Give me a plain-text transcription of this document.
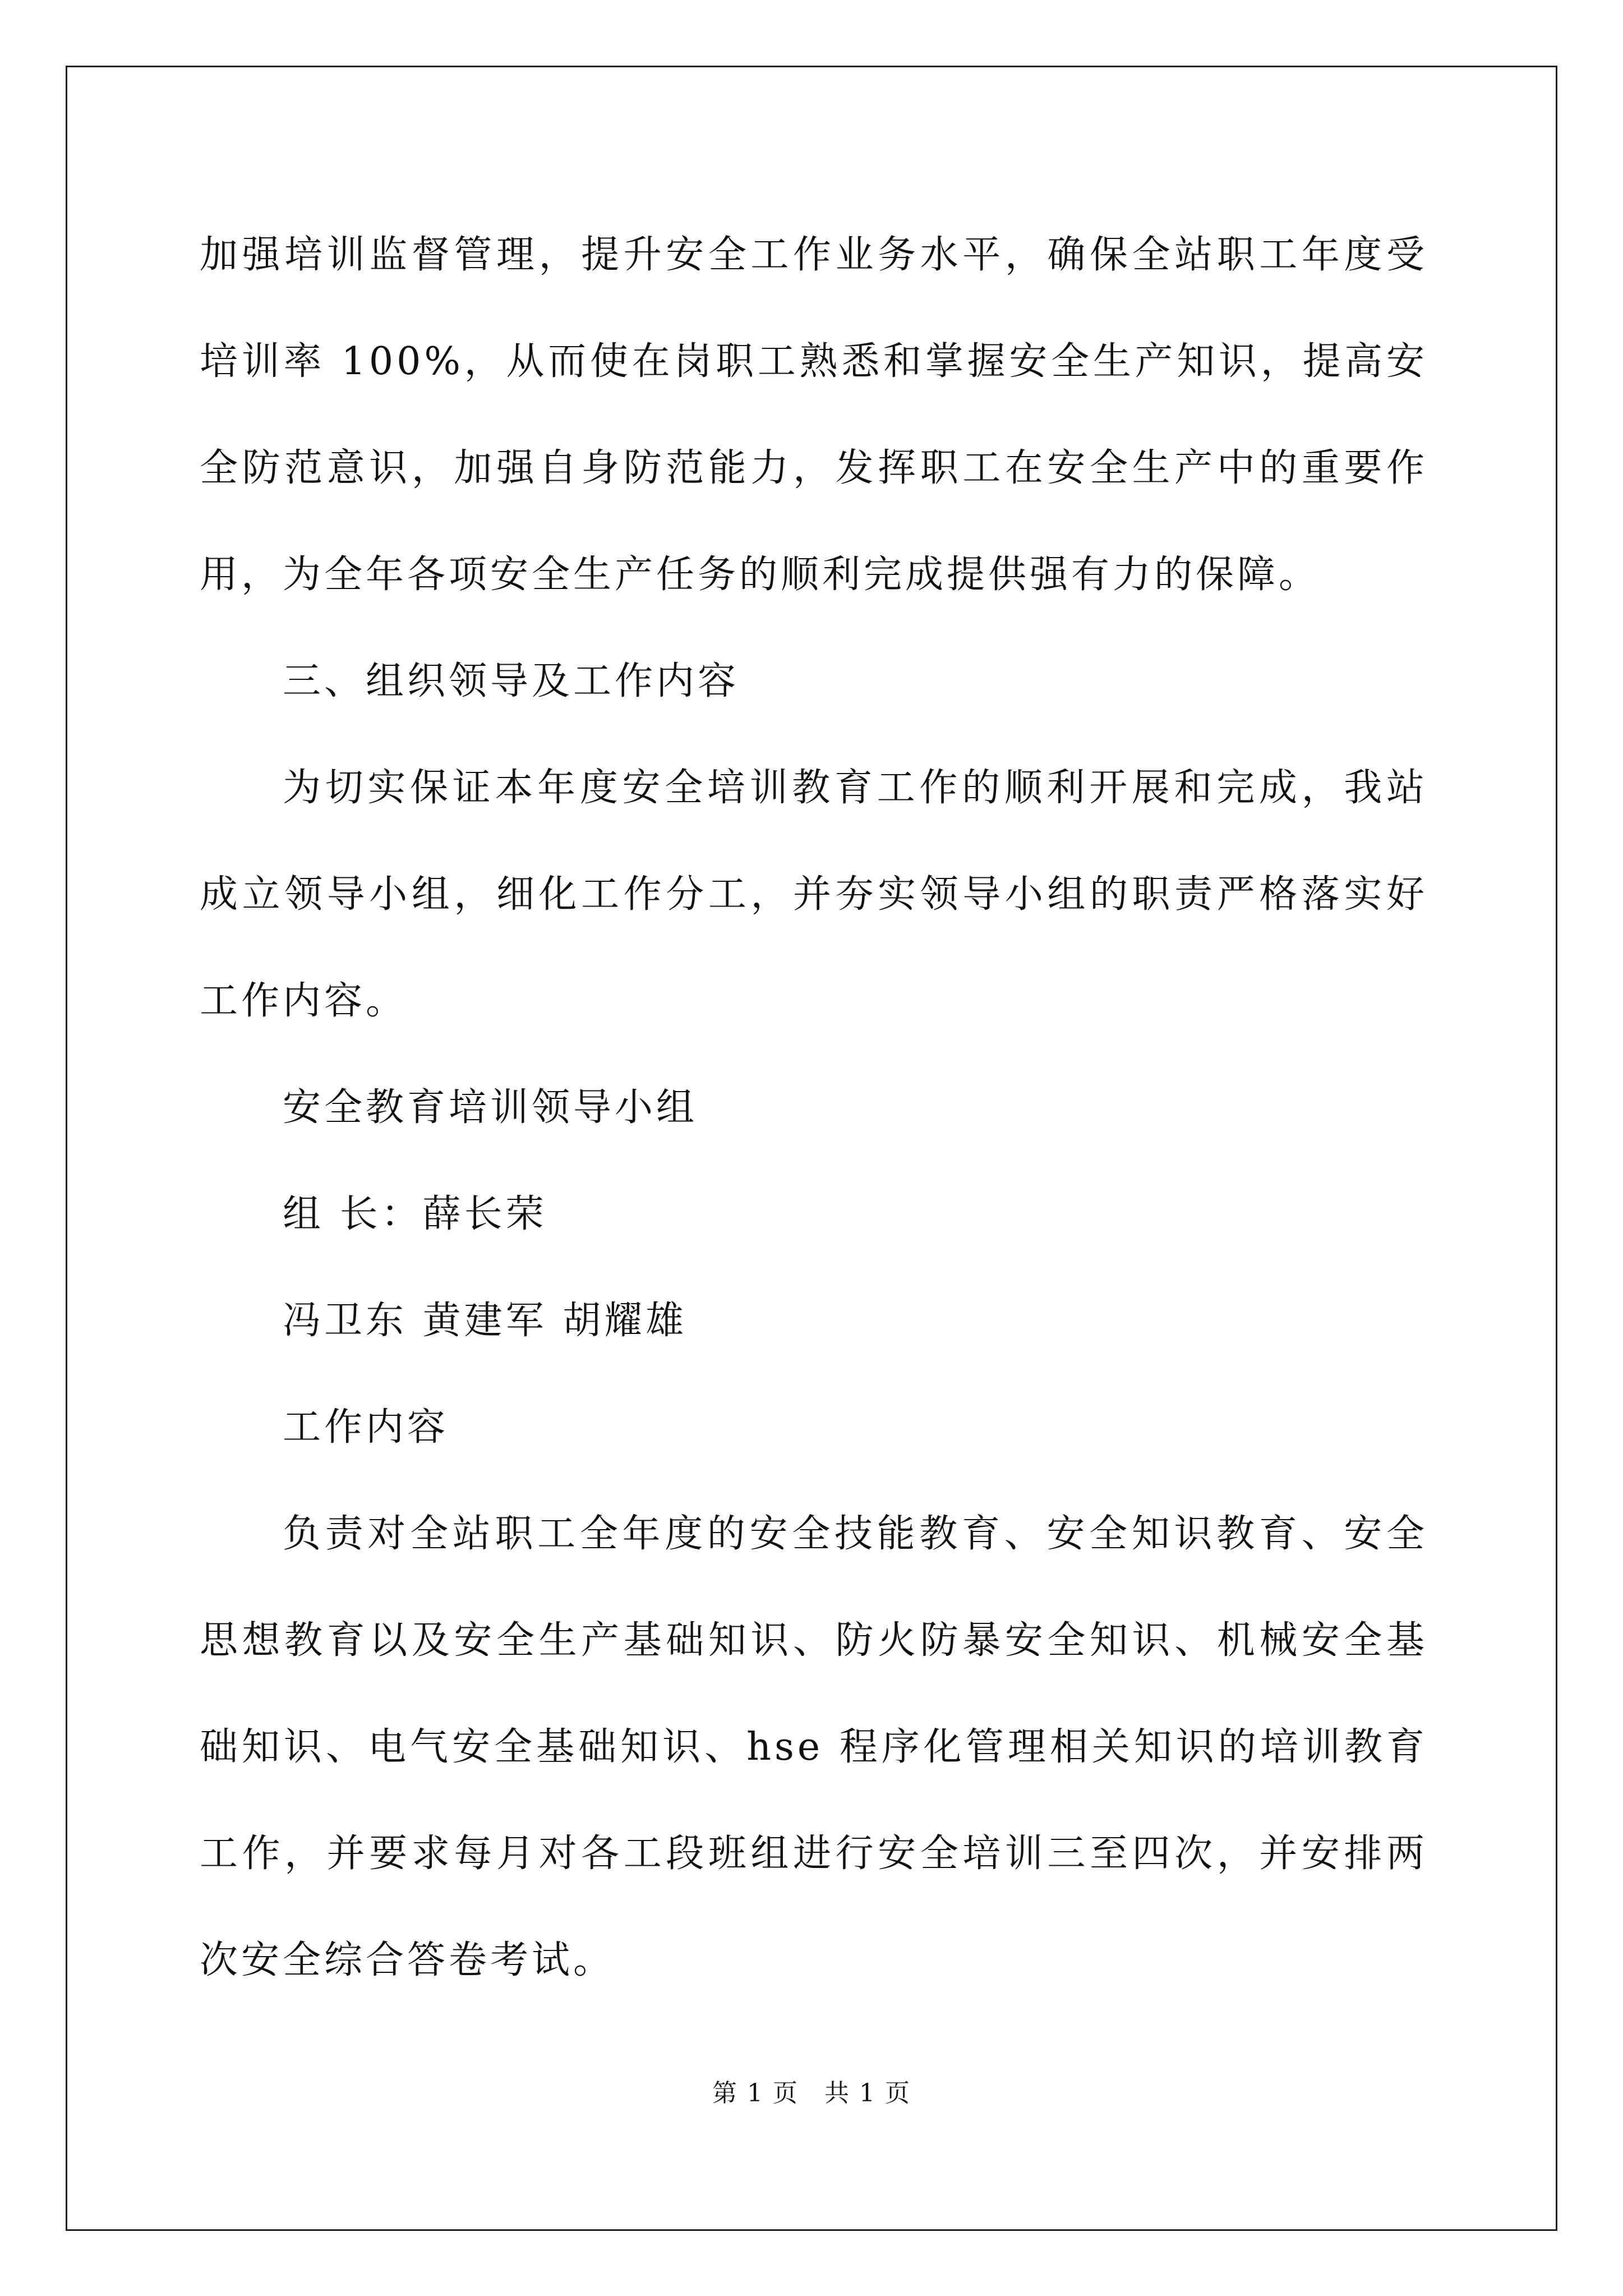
加强培训监督管理，提升安全工作业务水平，确保全站职工年度受培训率 100%，从而使在岗职工熟悉和掌握安全生产知识，提高安全防范意识，加强自身防范能力，发挥职工在安全生产中的重要作用，为全年各项安全生产任务的顺利完成提供强有力的保障。

三、组织领导及工作内容

为切实保证本年度安全培训教育工作的顺利开展和完成，我站成立领导小组，细化工作分工，并夯实领导小组的职责严格落实好工作内容。

安全教育培训领导小组

组 长：薛长荣

冯卫东 黄建军 胡耀雄

工作内容

负责对全站职工全年度的安全技能教育、安全知识教育、安全思想教育以及安全生产基础知识、防火防暴安全知识、机械安全基础知识、电气安全基础知识、hse 程序化管理相关知识的培训教育工作，并要求每月对各工段班组进行安全培训三至四次，并安排两次安全综合答卷考试。

第 1 页　共 1 页
